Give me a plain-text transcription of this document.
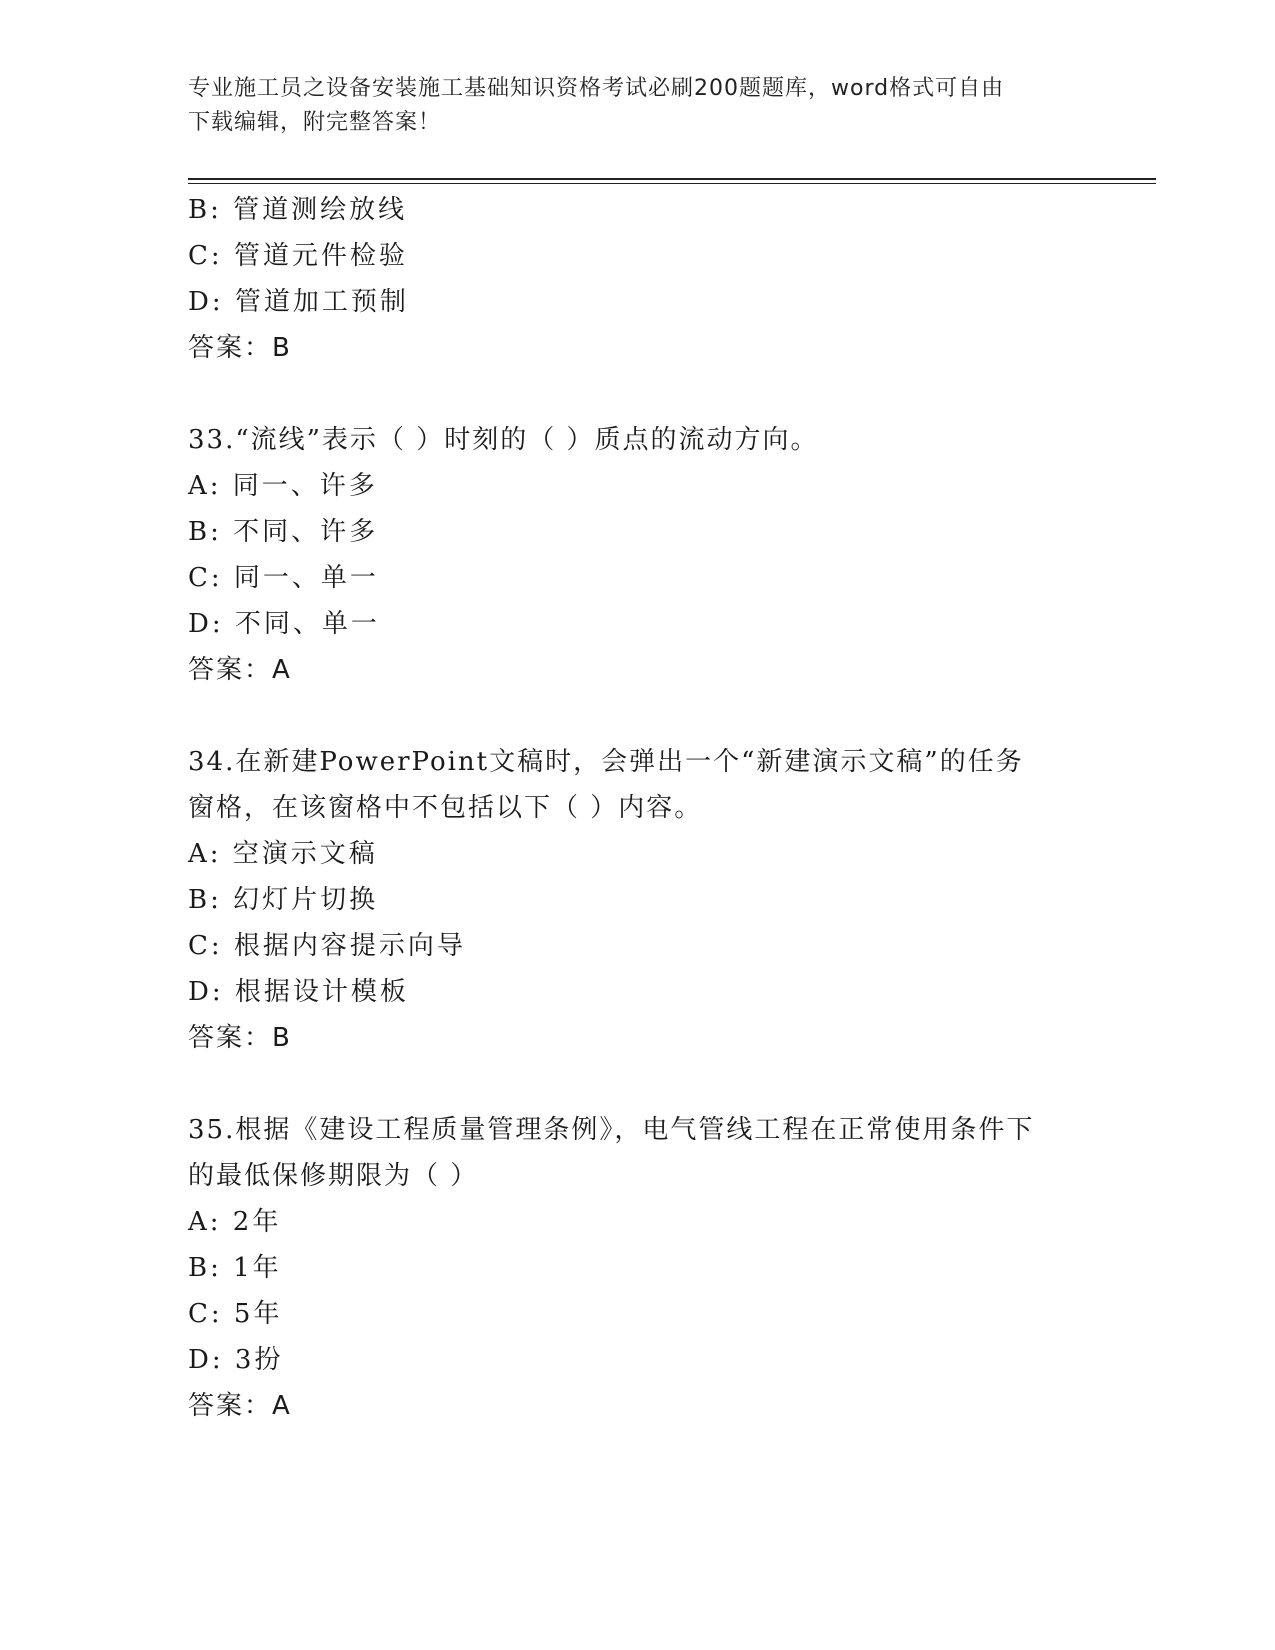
专业施工员之设备安装施工基础知识资格考试必刷200题题库，word格式可自由
下载编辑，附完整答案！
B: 管道测绘放线
C: 管道元件检验
D: 管道加工预制
答案：B
33.“流线”表示（ ）时刻的（ ）质点的流动方向。
A: 同一、许多
B: 不同、许多
C: 同一、单一
D: 不同、单一
答案：A
34.在新建PowerPoint文稿时，会弹出一个“新建演示文稿”的任务
窗格，在该窗格中不包括以下（ ）内容。
A: 空演示文稿
B: 幻灯片切换
C: 根据内容提示向导
D: 根据设计模板
答案：B
35.根据《建设工程质量管理条例》，电气管线工程在正常使用条件下
的最低保修期限为（ ）
A: 2年
B: 1年
C: 5年
D: 3扮
答案：A
